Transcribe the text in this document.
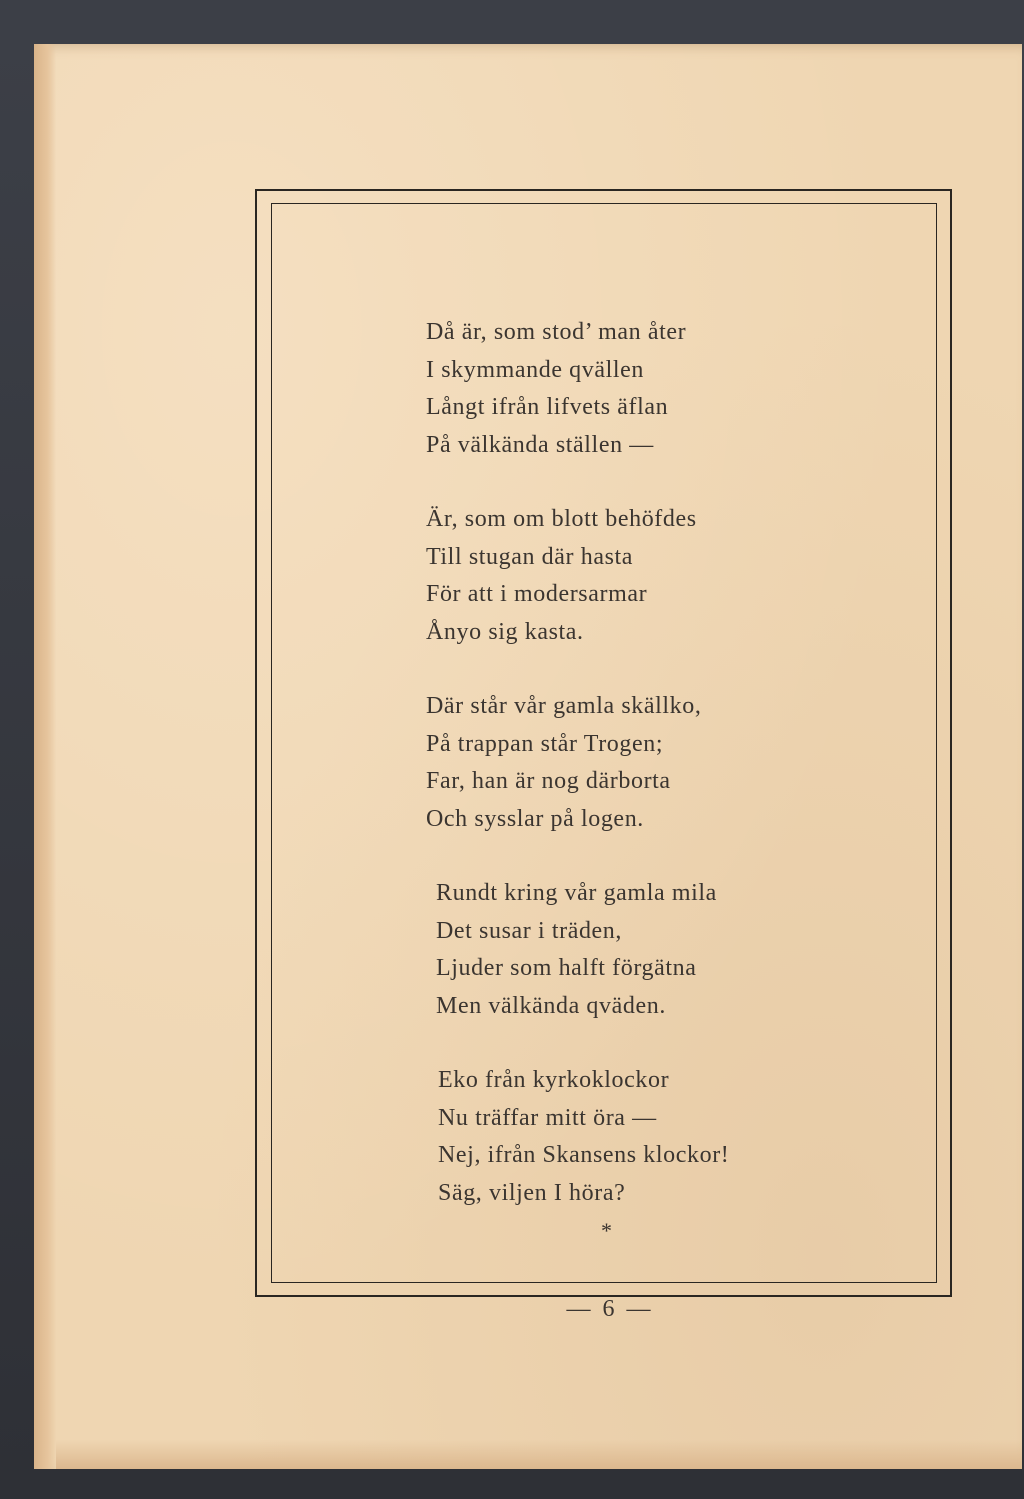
Då är, som stod’ man åter
I skymmande qvällen
Långt ifrån lifvets äflan
På välkända ställen —
Är, som om blott behöfdes
Till stugan där hasta
För att i modersarmar
Ånyo sig kasta.
Där står vår gamla skällko,
På trappan står Trogen;
Far, han är nog därborta
Och sysslar på logen.
Rundt kring vår gamla mila
Det susar i träden,
Ljuder som halft förgätna
Men välkända qväden.
Eko från kyrkoklockor
Nu träffar mitt öra —
Nej, ifrån Skansens klockor!
Säg, viljen I höra?
*
— 6 —
